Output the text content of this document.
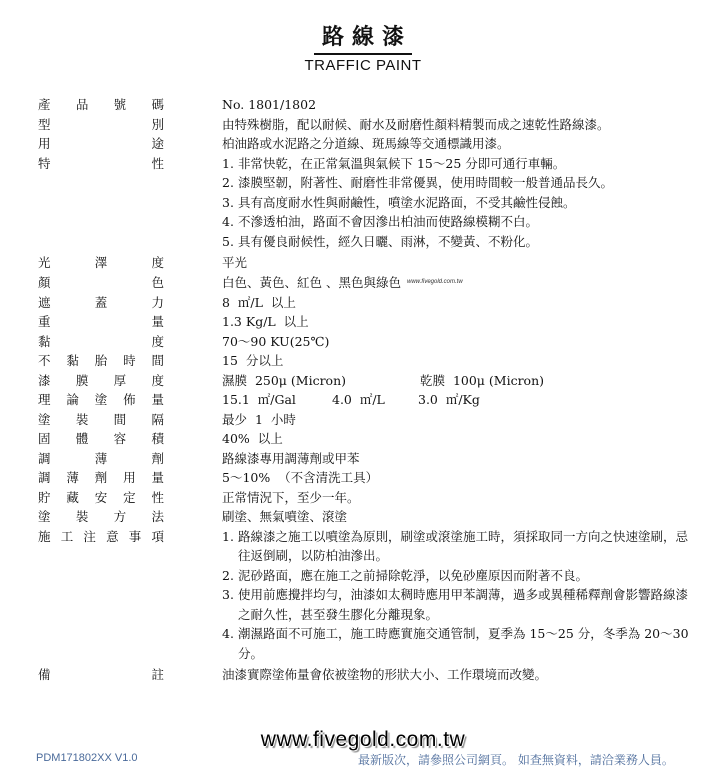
路線漆
TRAFFIC PAINT
產 品 號 碼	No. 1801/1802
型	別	由特殊樹脂，配以耐候、耐水及耐磨性顏料精製而成之速乾性路線漆。
用	途	柏油路或水泥路之分道線、斑馬線等交通標識用漆。
特	性	1. 非常快乾，在正常氣溫與氣候下 15～25 分即可通行車輛。
2. 漆膜堅韌，附著性、耐磨性非常優異，使用時間較一般普通品長久。
3. 具有高度耐水性與耐鹼性，噴塗水泥路面，不受其鹼性侵蝕。
4. 不滲透柏油，路面不會因滲出柏油而使路線模糊不白。
5. 具有優良耐候性，經久日曬、雨淋，不變黃、不粉化。
光	澤	度	平光
顏	色	白色、黃色、紅色 、黑色與綠色 www.fivegold.com.tw
遮	蓋	力	8  ㎡/L  以上
重	量	1.3 Kg/L  以上
黏	度	70～90 KU(25℃)
不 黏 胎 時 間	15  分以上
漆 膜 厚 度	濕膜  250μ (Micron)	乾膜  100μ (Micron)
理 論 塗 佈 量	15.1  ㎡/Gal	4.0  ㎡/L	3.0  ㎡/Kg
塗 裝 間 隔	最少  1  小時
固 體 容 積	40%  以上
調	薄	劑	路線漆專用調薄劑或甲苯
調 薄 劑 用 量	5～10%  （不含清洗工具）
貯 藏 安 定 性	正常情況下，至少一年。
塗 裝 方 法	刷塗、無氣噴塗、滾塗
施 工 注 意 事 項	1. 路線漆之施工以噴塗為原則，刷塗或滾塗施工時，須採取同一方向之快速塗刷，忌往返倒刷，以防柏油滲出。
2. 泥砂路面，應在施工之前掃除乾淨，以免砂塵原因而附著不良。
3. 使用前應攪拌均勻，油漆如太稠時應用甲苯調薄，過多或異種稀釋劑會影響路線漆之耐久性，甚至發生膠化分離現象。
4. 潮濕路面不可施工，施工時應實施交通管制，夏季為 15～25 分，冬季為 20～30 分。
備	註	油漆實際塗佈量會依被塗物的形狀大小、工作環境而改變。
www.fivegold.com.tw
PDM171802XX V1.0	最新版次，請參照公司網頁。 如查無資料，請洽業務人員。
